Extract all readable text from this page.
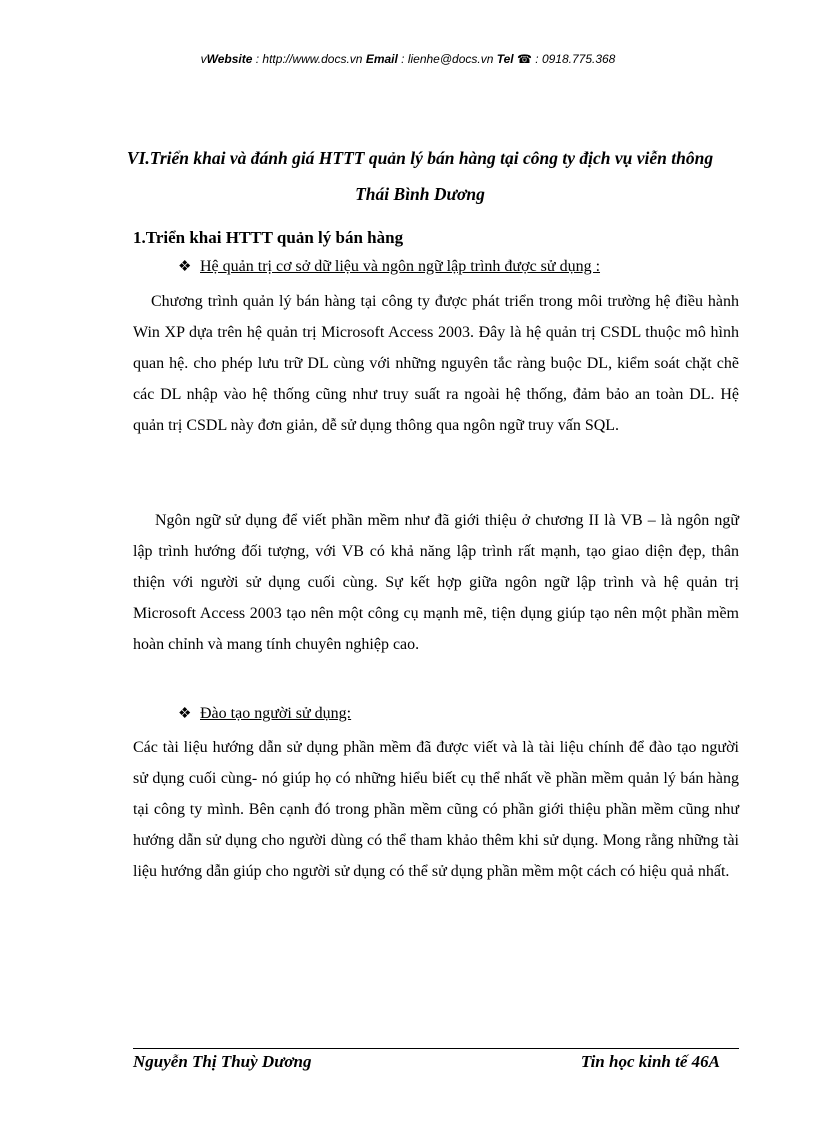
vWebsite : http://www.docs.vn Email : lienhe@docs.vn Tel ☎ : 0918.775.368
VI.Triển khai và đánh giá HTTT quản lý bán hàng tại công ty địch vụ viễn thông Thái Bình Dương
1.Triển khai HTTT quản lý bán hàng
❖ Hệ quản trị cơ sở dữ liệu và ngôn ngữ lập trình được sử dụng :
Chương trình quản lý bán hàng tại công ty được phát triển trong môi trường hệ điều hành Win XP dựa trên hệ quản trị Microsoft Access 2003. Đây là hệ quản trị CSDL thuộc mô hình quan hệ. cho phép lưu trữ DL cùng với những nguyên tắc ràng buộc DL, kiểm soát chặt chẽ các DL nhập vào hệ thống cũng như truy suất ra ngoài hệ thống, đảm bảo an toàn DL. Hệ quản trị CSDL này đơn giản, dễ sử dụng thông qua ngôn ngữ truy vấn SQL.
Ngôn ngữ sử dụng để viết phần mềm như đã giới thiệu ở chương II là VB – là ngôn ngữ lập trình hướng đối tượng, với VB có khả năng lập trình rất mạnh, tạo giao diện đẹp, thân thiện với người sử dụng cuối cùng. Sự kết hợp giữa ngôn ngữ lập trình và hệ quản trị Microsoft Access 2003 tạo nên một công cụ mạnh mẽ, tiện dụng giúp tạo nên một phần mềm hoàn chỉnh và mang tính chuyên nghiệp cao.
❖ Đào tạo người sử dụng:
Các tài liệu hướng dẫn sử dụng phần mềm đã được viết và là tài liệu chính để đào tạo người sử dụng cuối cùng- nó giúp họ có những hiểu biết cụ thể nhất về phần mềm quản lý bán hàng tại công ty mình. Bên cạnh đó trong phần mềm cũng có phần giới thiệu phần mềm cũng như hướng dẫn sử dụng cho người dùng có thể tham khảo thêm khi sử dụng. Mong rằng những tài liệu hướng dẫn giúp cho người sử dụng có thể sử dụng phần mềm một cách có hiệu quả nhất.
Nguyễn Thị Thuỳ Dương	Tin học kinh tế 46A
